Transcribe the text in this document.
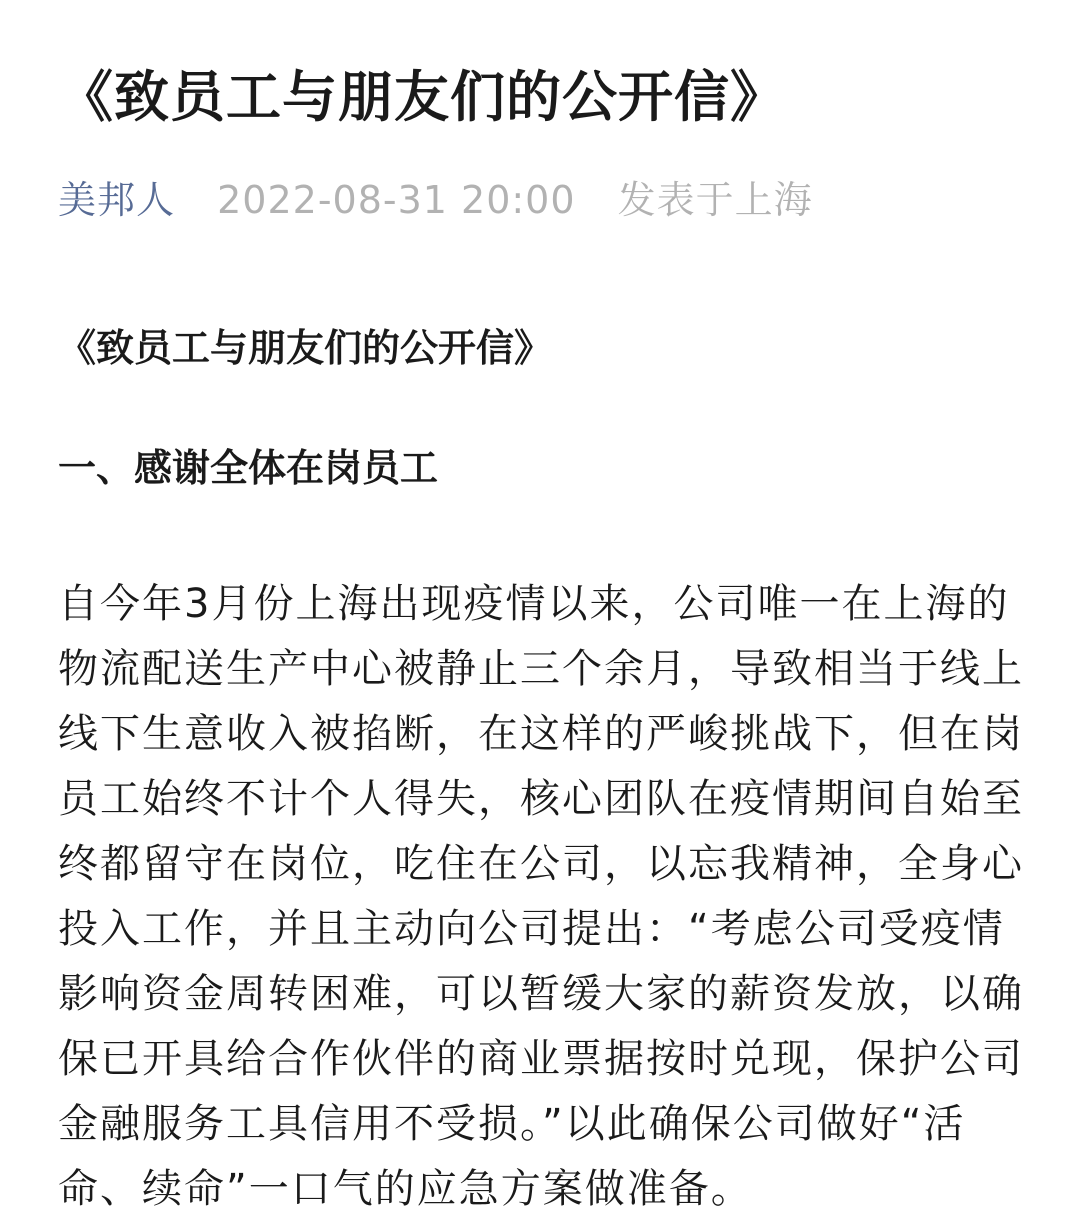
《致员工与朋友们的公开信》
美邦人 2022-08-31 20:00 发表于上海
《致员工与朋友们的公开信》
一、感谢全体在岗员工

自今年3月份上海出现疫情以来，公司唯一在上海的
物流配送生产中心被静止三个余月，导致相当于线上
线下生意收入被掐断，在这样的严峻挑战下，但在岗
员工始终不计个人得失，核心团队在疫情期间自始至
终都留守在岗位，吃住在公司，以忘我精神，全身心
投入工作，并且主动向公司提出：“考虑公司受疫情
影响资金周转困难，可以暂缓大家的薪资发放，以确
保已开具给合作伙伴的商业票据按时兑现，保护公司
金融服务工具信用不受损。”以此确保公司做好“活
命、续命”一口气的应急方案做准备。
